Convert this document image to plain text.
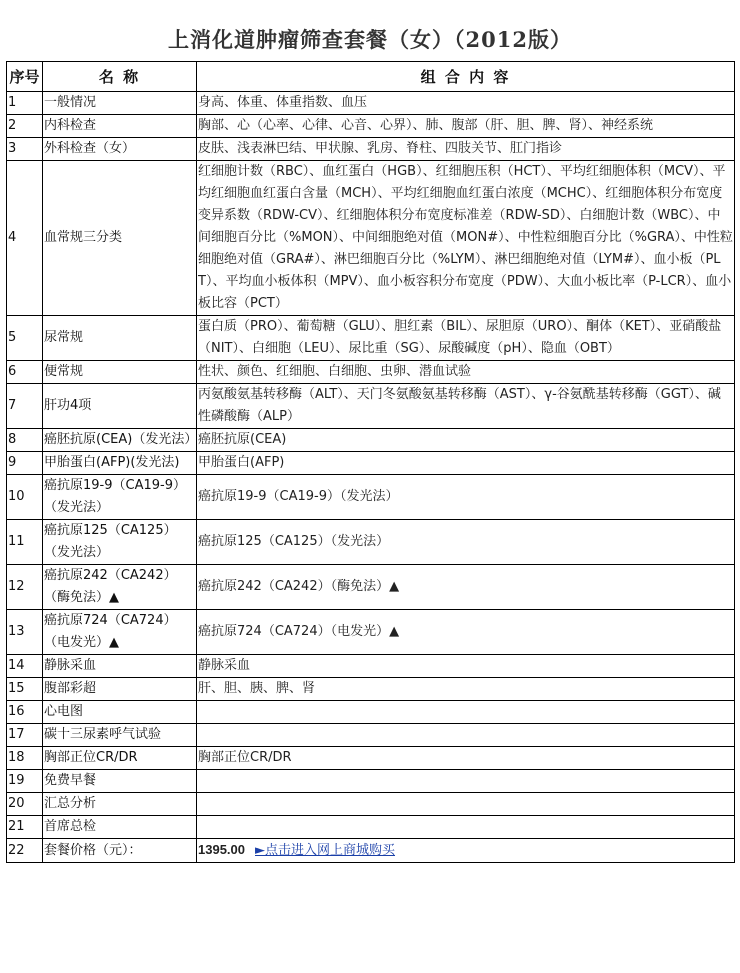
上消化道肿瘤筛查套餐（女）（2012版）
序号	名 称	组 合 内 容
1	一般情况	身高、体重、体重指数、血压
2	内科检查	胸部、心（心率、心律、心音、心界）、肺、腹部（肝、胆、脾、肾）、神经系统
3	外科检查（女）	皮肤、浅表淋巴结、甲状腺、乳房、脊柱、四肢关节、肛门指诊
4	血常规三分类	红细胞计数（RBC）、血红蛋白（HGB）、红细胞压积（HCT）、平均红细胞体积（MCV）、平均红细胞血红蛋白含量（MCH）、平均红细胞血红蛋白浓度（MCHC）、红细胞体积分布宽度变异系数（RDW-CV）、红细胞体积分布宽度标准差（RDW-SD）、白细胞计数（WBC）、中间细胞百分比（%MON）、中间细胞绝对值（MON#）、中性粒细胞百分比（%GRA）、中性粒细胞绝对值（GRA#）、淋巴细胞百分比（%LYM）、淋巴细胞绝对值（LYM#）、血小板（PLT）、平均血小板体积（MPV）、血小板容积分布宽度（PDW）、大血小板比率（P-LCR）、血小板比容（PCT）
5	尿常规	蛋白质（PRO）、葡萄糖（GLU）、胆红素（BIL）、尿胆原（URO）、酮体（KET）、亚硝酸盐（NIT）、白细胞（LEU）、尿比重（SG）、尿酸碱度（pH）、隐血（OBT）
6	便常规	性状、颜色、红细胞、白细胞、虫卵、潜血试验
7	肝功4项	丙氨酸氨基转移酶（ALT）、天门冬氨酸氨基转移酶（AST）、γ-谷氨酰基转移酶（GGT）、碱性磷酸酶（ALP）
8	癌胚抗原(CEA)（发光法）	癌胚抗原(CEA)
9	甲胎蛋白(AFP)(发光法)	甲胎蛋白(AFP)
10	癌抗原19-9（CA19-9）（发光法）	癌抗原19-9（CA19-9）（发光法）
11	癌抗原125（CA125）（发光法）	癌抗原125（CA125）（发光法）
12	癌抗原242（CA242）（酶免法）▲	癌抗原242（CA242）（酶免法）▲
13	癌抗原724（CA724）（电发光）▲	癌抗原724（CA724）（电发光）▲
14	静脉采血	静脉采血
15	腹部彩超	肝、胆、胰、脾、肾
16	心电图	
17	碳十三尿素呼气试验	
18	胸部正位CR/DR	胸部正位CR/DR
19	免费早餐	
20	汇总分析	
21	首席总检	
22	套餐价格（元）：	1395.00 ►点击进入网上商城购买
